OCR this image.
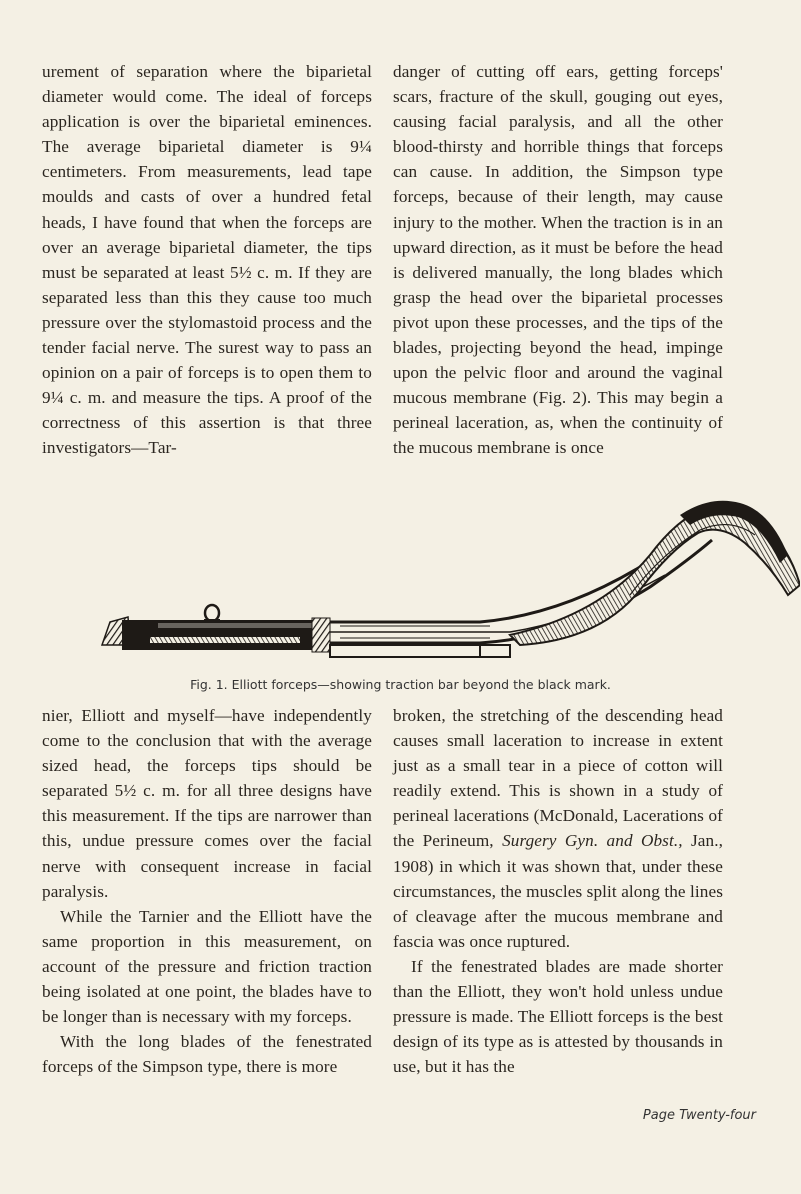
urement of separation where the biparietal diameter would come. The ideal of forceps application is over the biparietal eminences. The average biparietal diameter is 9¼ centimeters. From measurements, lead tape moulds and casts of over a hundred fetal heads, I have found that when the forceps are over an average biparietal diameter, the tips must be separated at least 5½ c. m. If they are separated less than this they cause too much pressure over the stylomastoid process and the tender facial nerve. The surest way to pass an opinion on a pair of forceps is to open them to 9¼ c. m. and measure the tips. A proof of the correctness of this assertion is that three investigators—Tar-

danger of cutting off ears, getting forceps' scars, fracture of the skull, gouging out eyes, causing facial paralysis, and all the other blood-thirsty and horrible things that forceps can cause. In addition, the Simpson type forceps, because of their length, may cause injury to the mother. When the traction is in an upward direction, as it must be before the head is delivered manually, the long blades which grasp the head over the biparietal processes pivot upon these processes, and the tips of the blades, projecting beyond the head, impinge upon the pelvic floor and around the vaginal mucous membrane (Fig. 2). This may begin a perineal laceration, as, when the continuity of the mucous membrane is once

Fig. 1. Elliott forceps—showing traction bar beyond the black mark.

nier, Elliott and myself—have independently come to the conclusion that with the average sized head, the forceps tips should be separated 5½ c. m. for all three designs have this measurement. If the tips are narrower than this, undue pressure comes over the facial nerve with consequent increase in facial paralysis.

While the Tarnier and the Elliott have the same proportion in this measurement, on account of the pressure and friction traction being isolated at one point, the blades have to be longer than is necessary with my forceps.

With the long blades of the fenestrated forceps of the Simpson type, there is more

broken, the stretching of the descending head causes small laceration to increase in extent just as a small tear in a piece of cotton will readily extend. This is shown in a study of perineal lacerations (McDonald, Lacerations of the Perineum, Surgery Gyn. and Obst., Jan., 1908) in which it was shown that, under these circumstances, the muscles split along the lines of cleavage after the mucous membrane and fascia was once ruptured.

If the fenestrated blades are made shorter than the Elliott, they won't hold unless undue pressure is made. The Elliott forceps is the best design of its type as is attested by thousands in use, but it has the

Page Twenty-four
